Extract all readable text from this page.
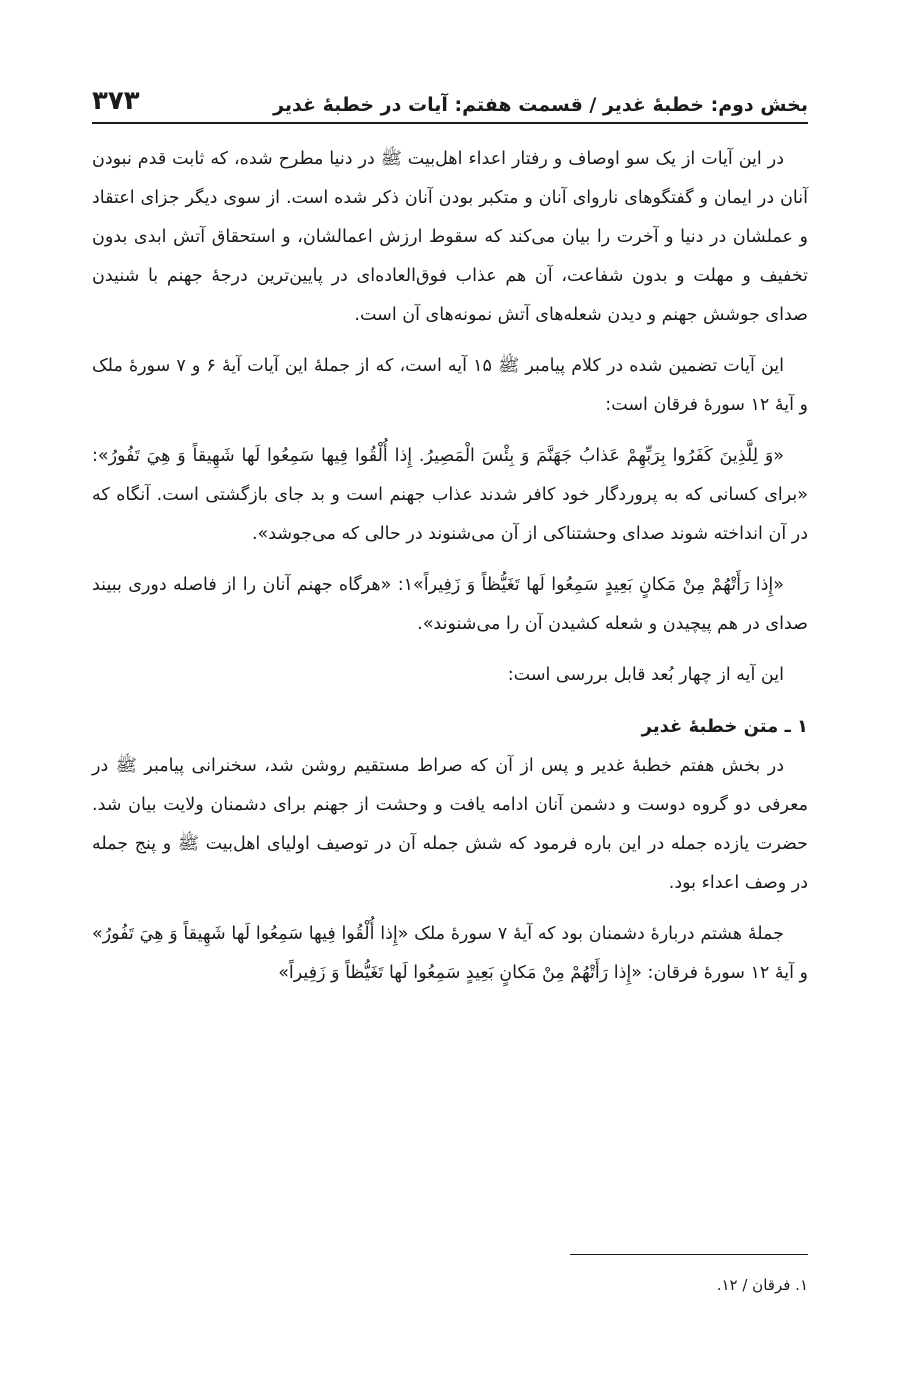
بخش دوم: خطبهٔ غدیر / قسمت هفتم: آیات در خطبهٔ غدیر
۳۷۳

در این آیات از یک سو اوصاف و رفتار اعداء اهل‌بیت ﷺ در دنیا مطرح شده، که ثابت قدم نبودن آنان در ایمان و گفتگوهای ناروای آنان و متکبر بودن آنان ذکر شده است. از سوی دیگر جزای اعتقاد و عملشان در دنیا و آخرت را بیان می‌کند که سقوط ارزش اعمالشان، و استحقاق آتش ابدی بدون تخفیف و مهلت و بدون شفاعت، آن هم عذاب فوق‌العاده‌ای در پایین‌ترین درجهٔ جهنم با شنیدن صدای جوشش جهنم و دیدن شعله‌های آتش نمونه‌های آن است.

این آیات تضمین شده در کلام پیامبر ﷺ ۱۵ آیه است، که از جملهٔ این آیات آیهٔ ۶ و ۷ سورهٔ ملک و آیهٔ ۱۲ سورهٔ فرقان است:

«وَ لِلَّذِينَ كَفَرُوا بِرَبِّهِمْ عَذابُ جَهَنَّمَ وَ بِئْسَ الْمَصِيرُ. إِذا أُلْقُوا فِيها سَمِعُوا لَها شَهِيقاً وَ هِيَ تَفُورُ»: «برای کسانی که به پروردگار خود کافر شدند عذاب جهنم است و بد جای بازگشتی است. آنگاه که در آن انداخته شوند صدای وحشتناکی از آن می‌شنوند در حالی که می‌جوشد».

«إِذا رَأَتْهُمْ مِنْ مَكانٍ بَعِيدٍ سَمِعُوا لَها تَغَيُّظاً وَ زَفِيراً»۱: «هرگاه جهنم آنان را از فاصله دوری ببیند صدای در هم پیچیدن و شعله کشیدن آن را می‌شنوند».

این آیه از چهار بُعد قابل بررسی است:

۱ ـ متن خطبهٔ غدیر

در بخش هفتم خطبهٔ غدیر و پس از آن که صراط مستقیم روشن شد، سخنرانی پیامبر ﷺ در معرفی دو گروه دوست و دشمن آنان ادامه یافت و وحشت از جهنم برای دشمنان ولایت بیان شد. حضرت یازده جمله در این باره فرمود که شش جمله آن در توصیف اولیای اهل‌بیت ﷺ و پنج جمله در وصف اعداء بود.

جملهٔ هشتم دربارهٔ دشمنان بود که آیهٔ ۷ سورهٔ ملک «إِذا أُلْقُوا فِيها سَمِعُوا لَها شَهِيقاً وَ هِيَ تَفُورُ» و آیهٔ ۱۲ سورهٔ فرقان: «إِذا رَأَتْهُمْ مِنْ مَكانٍ بَعِيدٍ سَمِعُوا لَها تَغَيُّظاً وَ زَفِيراً»

۱. فرقان / ۱۲.
